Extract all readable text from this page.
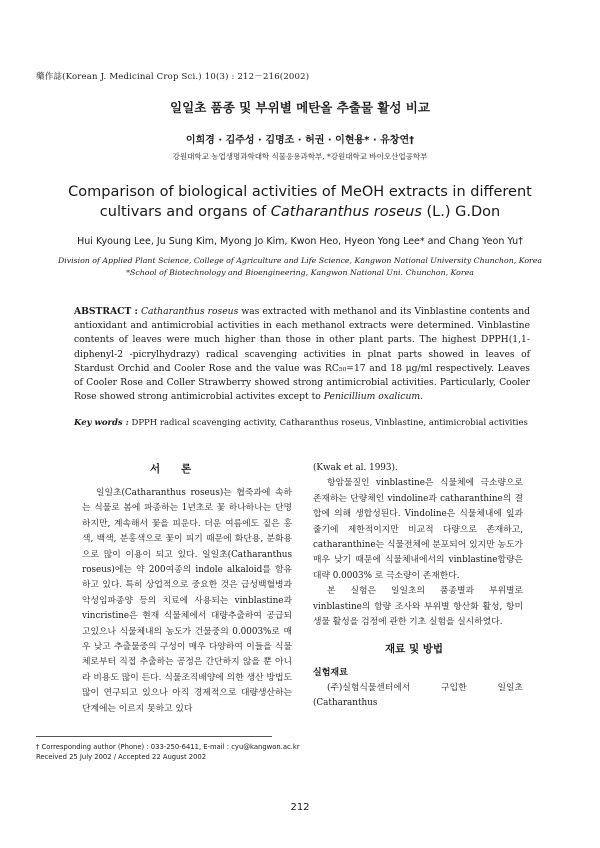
藥作誌(Korean J. Medicinal Crop Sci.) 10(3) : 212－216(2002)
일일초 품종 및 부위별 메탄올 추출물 활성 비교
이희경 · 김주성 · 김명조 · 허권 · 이현용* · 유창연†
강원대학교 농업생명과학대학 식물응용과학부, *강원대학교 바이오산업공학부
Comparison of biological activities of MeOH extracts in different
cultivars and organs of Catharanthus roseus (L.) G.Don
Hui Kyoung Lee, Ju Sung Kim, Myong Jo Kim, Kwon Heo, Hyeon Yong Lee* and Chang Yeon Yu†
Division of Applied Plant Science, College of Agriculture and Life Science, Kangwon National University Chunchon, Korea
*School of Biotechnology and Bioengineering, Kangwon National Uni. Chunchon, Korea
ABSTRACT : Catharanthus roseus was extracted with methanol and its Vinblastine contents and antioxidant and antimicrobial activities in each methanol extracts were determined. Vinblastine contents of leaves were much higher than those in other plant parts. The highest DPPH(1,1-diphenyl-2 -picrylhydrazy) radical scavenging activities in plnat parts showed in leaves of Stardust Orchid and Cooler Rose and the value was RC₅₀=17 and 18 μg/ml respectively. Leaves of Cooler Rose and Coller Strawberry showed strong antimicrobial activities. Particularly, Cooler Rose showed strong antimicrobial activites except to Penicillium oxalicum.
Key words : DPPH radical scavenging activity, Catharanthus roseus, Vinblastine, antimicrobial activities
서　　론

일일초(Catharanthus roseus)는 협죽과에 속하는 식물로 봄에 파종하는 1년초로 꽃 하나하나는 단명 하지만, 계속해서 꽃을 피운다. 더운 여름에도 짙은 홍색, 백색, 분홍색으로 꽃이 피기 때문에 화단용, 분화용으로 많이 이용이 되고 있다. 일일초(Catharanthus roseus)에는 약 200여종의 indole alkaloid를 함유하고 있다. 특히 상업적으로 중요한 것은 급성백혈병과 악성임파종양 등의 치료에 사용되는 vinblastine과 vincristine은 현재 식물체에서 대량추출하여 공급되고있으나 식물체내의 농도가 건물중의 0.0003%로 매우 낮고 추출물중의 구성이 매우 다양하여 이들을 식물체로부터 직접 추출하는 공정은 간단하지 않을 뿐 아니라 비용도 많이 든다. 식물조직배양에 의한 생산 방법도 많이 연구되고 있으나 아직 경제적으로 대량생산하는 단계에는 이르지 못하고 있다

(Kwak et al. 1993).

항암물질인 vinblastine은 식물체에 극소량으로 존재하는 단량체인 vindoline과 catharanthine의 결합에 의해 생합성된다. Vindoline은 식물체내에 잎과 줄기에 제한적이지만 비교적 다량으로 존재하고, catharanthine는 식물전체에 분포되어 있지만 농도가 매우 낮기 때문에 식물체내에서의 vinblastine함량은 대략 0.0003% 로 극소량이 존재한다.

본 실험은 일일초의 품종별과 부위별로 vinblastine의 함량 조사와 부위별 항산화 활성, 항미생물 활성을 검정에 관한 기초 실험을 실시하였다.

재료 및 방법
실험재료

(주)실험식물센터에서 구입한 일일초(Catharanthus

† Corresponding author (Phone) : 033-250-6411, E-mail : cyu@kangwon.ac.kr
Received 25 July 2002 / Accepted 22 August 2002
212
